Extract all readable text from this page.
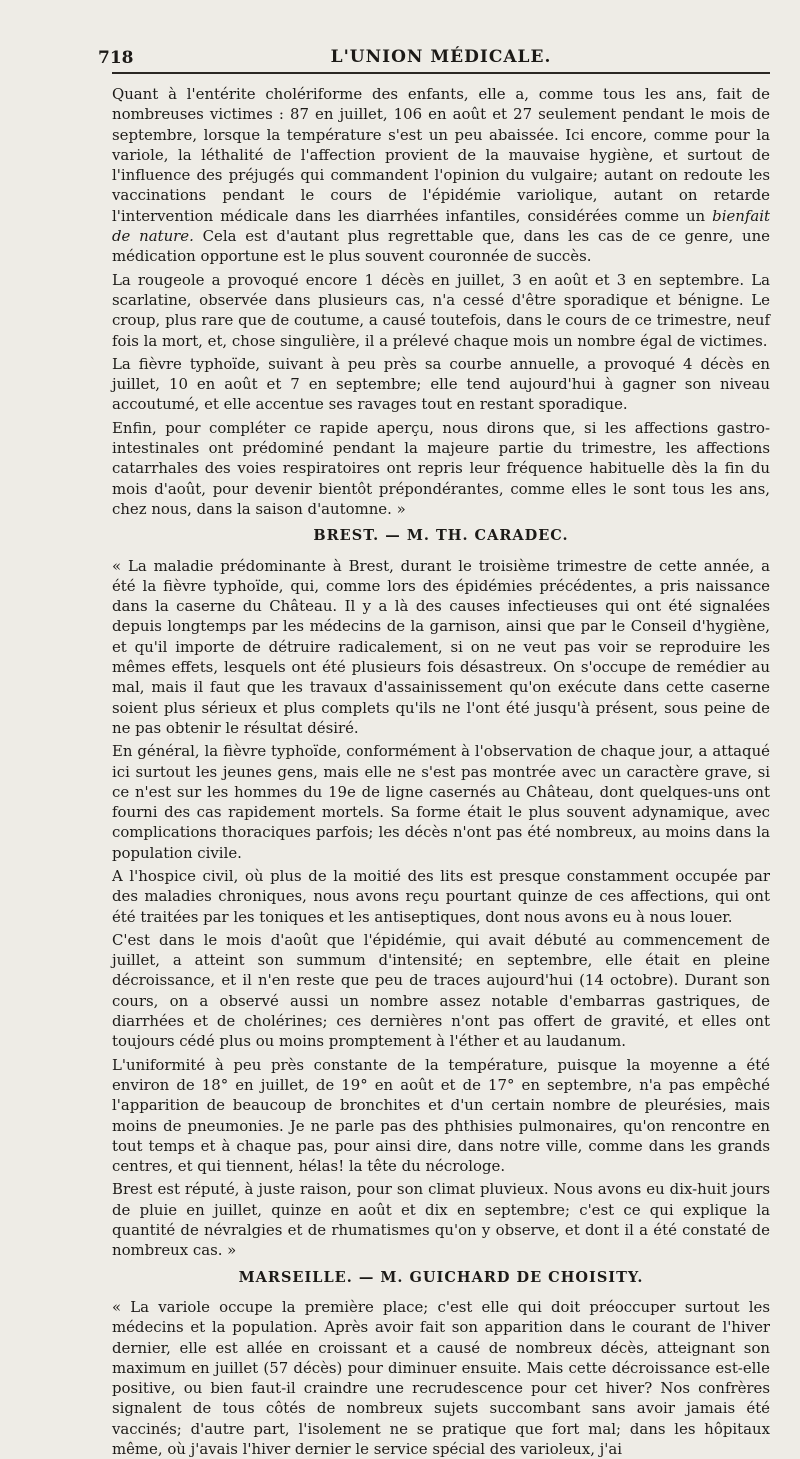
718	L'UNION MÉDICALE.

Quant à l'entérite cholériforme des enfants, elle a, comme tous les ans, fait de nombreuses victimes : 87 en juillet, 106 en août et 27 seulement pendant le mois de septembre, lorsque la température s'est un peu abaissée. Ici encore, comme pour la variole, la léthalité de l'affection provient de la mauvaise hygiène, et surtout de l'influence des préjugés qui commandent l'opinion du vulgaire; autant on redoute les vaccinations pendant le cours de l'épidémie variolique, autant on retarde l'intervention médicale dans les diarrhées infantiles, considérées comme un bienfait de nature. Cela est d'autant plus regrettable que, dans les cas de ce genre, une médication opportune est le plus souvent couronnée de succès.

La rougeole a provoqué encore 1 décès en juillet, 3 en août et 3 en septembre. La scarlatine, observée dans plusieurs cas, n'a cessé d'être sporadique et bénigne. Le croup, plus rare que de coutume, a causé toutefois, dans le cours de ce trimestre, neuf fois la mort, et, chose singulière, il a prélevé chaque mois un nombre égal de victimes.

La fièvre typhoïde, suivant à peu près sa courbe annuelle, a provoqué 4 décès en juillet, 10 en août et 7 en septembre; elle tend aujourd'hui à gagner son niveau accoutumé, et elle accentue ses ravages tout en restant sporadique.

Enfin, pour compléter ce rapide aperçu, nous dirons que, si les affections gastro-intestinales ont prédominé pendant la majeure partie du trimestre, les affections catarrhales des voies respiratoires ont repris leur fréquence habituelle dès la fin du mois d'août, pour devenir bientôt prépondérantes, comme elles le sont tous les ans, chez nous, dans la saison d'automne. »

BREST. — M. TH. CARADEC.

« La maladie prédominante à Brest, durant le troisième trimestre de cette année, a été la fièvre typhoïde, qui, comme lors des épidémies précédentes, a pris naissance dans la caserne du Château. Il y a là des causes infectieuses qui ont été signalées depuis longtemps par les médecins de la garnison, ainsi que par le Conseil d'hygiène, et qu'il importe de détruire radicalement, si on ne veut pas voir se reproduire les mêmes effets, lesquels ont été plusieurs fois désastreux. On s'occupe de remédier au mal, mais il faut que les travaux d'assainissement qu'on exécute dans cette caserne soient plus sérieux et plus complets qu'ils ne l'ont été jusqu'à présent, sous peine de ne pas obtenir le résultat désiré.

En général, la fièvre typhoïde, conformément à l'observation de chaque jour, a attaqué ici surtout les jeunes gens, mais elle ne s'est pas montrée avec un caractère grave, si ce n'est sur les hommes du 19e de ligne casernés au Château, dont quelques-uns ont fourni des cas rapidement mortels. Sa forme était le plus souvent adynamique, avec complications thoraciques parfois; les décès n'ont pas été nombreux, au moins dans la population civile.

A l'hospice civil, où plus de la moitié des lits est presque constamment occupée par des maladies chroniques, nous avons reçu pourtant quinze de ces affections, qui ont été traitées par les toniques et les antiseptiques, dont nous avons eu à nous louer.

C'est dans le mois d'août que l'épidémie, qui avait débuté au commencement de juillet, a atteint son summum d'intensité; en septembre, elle était en pleine décroissance, et il n'en reste que peu de traces aujourd'hui (14 octobre). Durant son cours, on a observé aussi un nombre assez notable d'embarras gastriques, de diarrhées et de cholérines; ces dernières n'ont pas offert de gravité, et elles ont toujours cédé plus ou moins promptement à l'éther et au laudanum.

L'uniformité à peu près constante de la température, puisque la moyenne a été environ de 18° en juillet, de 19° en août et de 17° en septembre, n'a pas empêché l'apparition de beaucoup de bronchites et d'un certain nombre de pleurésies, mais moins de pneumonies. Je ne parle pas des phthisies pulmonaires, qu'on rencontre en tout temps et à chaque pas, pour ainsi dire, dans notre ville, comme dans les grands centres, et qui tiennent, hélas! la tête du nécrologe.

Brest est réputé, à juste raison, pour son climat pluvieux. Nous avons eu dix-huit jours de pluie en juillet, quinze en août et dix en septembre; c'est ce qui explique la quantité de névralgies et de rhumatismes qu'on y observe, et dont il a été constaté de nombreux cas. »

MARSEILLE. — M. GUICHARD DE CHOISITY.

« La variole occupe la première place; c'est elle qui doit préoccuper surtout les médecins et la population. Après avoir fait son apparition dans le courant de l'hiver dernier, elle est allée en croissant et a causé de nombreux décès, atteignant son maximum en juillet (57 décès) pour diminuer ensuite. Mais cette décroissance est-elle positive, ou bien faut-il craindre une recrudescence pour cet hiver? Nos confrères signalent de tous côtés de nombreux sujets succombant sans avoir jamais été vaccinés; d'autre part, l'isolement ne se pratique que fort mal; dans les hôpitaux même, où j'avais l'hiver dernier le service spécial des varioleux, j'ai
